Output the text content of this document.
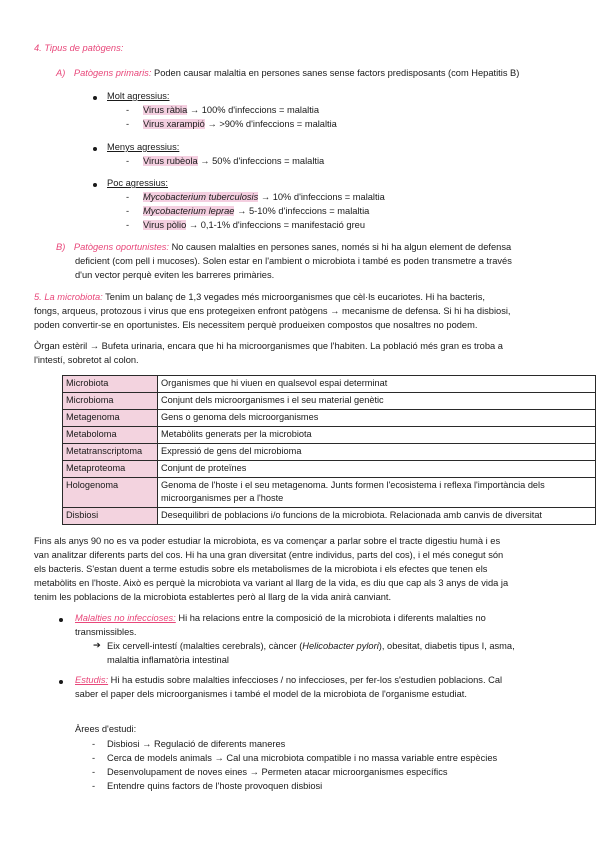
4. Tipus de patògens:
A) Patògens primaris: Poden causar malaltia en persones sanes sense factors predisposants (com Hepatitis B)
Molt agressius:
-	Virus ràbia → 100% d'infeccions = malaltia
-	Virus xarampió → >90% d'infeccions = malaltia
Menys agressius:
-	Virus rubèola → 50% d'infeccions = malaltia
Poc agressius:
-	Mycobacterium tuberculosis → 10% d'infeccions = malaltia
-	Mycobacterium leprae → 5-10% d'infeccions = malaltia
-	Virus pòlio → 0,1-1% d'infeccions = manifestació greu
B) Patògens oportunistes: No causen malalties en persones sanes, només si hi ha algun element de defensa
deficient (com pell i mucoses). Solen estar en l'ambient o microbiota i també es poden transmetre a través
d'un vector perquè eviten les barreres primàries.
5. La microbiota: Tenim un balanç de 1,3 vegades més microorganismes que cèl·ls eucariotes. Hi ha bacteris,
fongs, arqueus, protozous i virus que ens protegeixen enfront patògens → mecanisme de defensa. Si hi ha disbiosi,
poden convertir-se en oportunistes. Els necessitem perquè produeixen compostos que nosaltres no podem.
Òrgan estèril → Bufeta urinaria, encara que hi ha microorganismes que l'habiten. La població més gran es troba a
l'intestí, sobretot al colon.
Microbiota	Organismes que hi viuen en qualsevol espai determinat
Microbioma	Conjunt dels microorganismes i el seu material genètic
Metagenoma	Gens o genoma dels microorganismes
Metaboloma	Metabòlits generats per la microbiota
Metatranscriptoma	Expressió de gens del microbioma
Metaproteoma	Conjunt de proteïnes
Hologenoma	Genoma de l'hoste i el seu metagenoma. Junts formen l'ecosistema i reflexa l'importància dels microorganismes per a l'hoste
Disbiosi	Desequilibri de poblacions i/o funcions de la microbiota. Relacionada amb canvis de diversitat
Fins als anys 90 no es va poder estudiar la microbiota, es va començar a parlar sobre el tracte digestiu humà i es
van analitzar diferents parts del cos. Hi ha una gran diversitat (entre individus, parts del cos), i el més conegut són
els bacteris. S'estan duent a terme estudis sobre els metabolismes de la microbiota i els efectes que tenen els
metabòlits en l'hoste. Això es perquè la microbiota va variant al llarg de la vida, es diu que cap als 3 anys de vida ja
tenim les poblacions de la microbiota establertes però al llarg de la vida anirà canviant.
Malalties no infeccioses: Hi ha relacions entre la composició de la microbiota i diferents malalties no
transmissibles.
➔ Eix cervell-intestí (malalties cerebrals), càncer (Helicobacter pylori), obesitat, diabetis tipus I, asma,
malaltia inflamatòria intestinal
Estudis: Hi ha estudis sobre malalties infeccioses / no infeccioses, per fer-los s'estudien poblacions. Cal
saber el paper dels microorganismes i també el model de la microbiota de l'organisme estudiat.
Àrees d'estudi:
-	Disbiosi → Regulació de diferents maneres
-	Cerca de models animals → Cal una microbiota compatible i no massa variable entre espècies
-	Desenvolupament de noves eines → Permeten atacar microorganismes específics
-	Entendre quins factors de l'hoste provoquen disbiosi
